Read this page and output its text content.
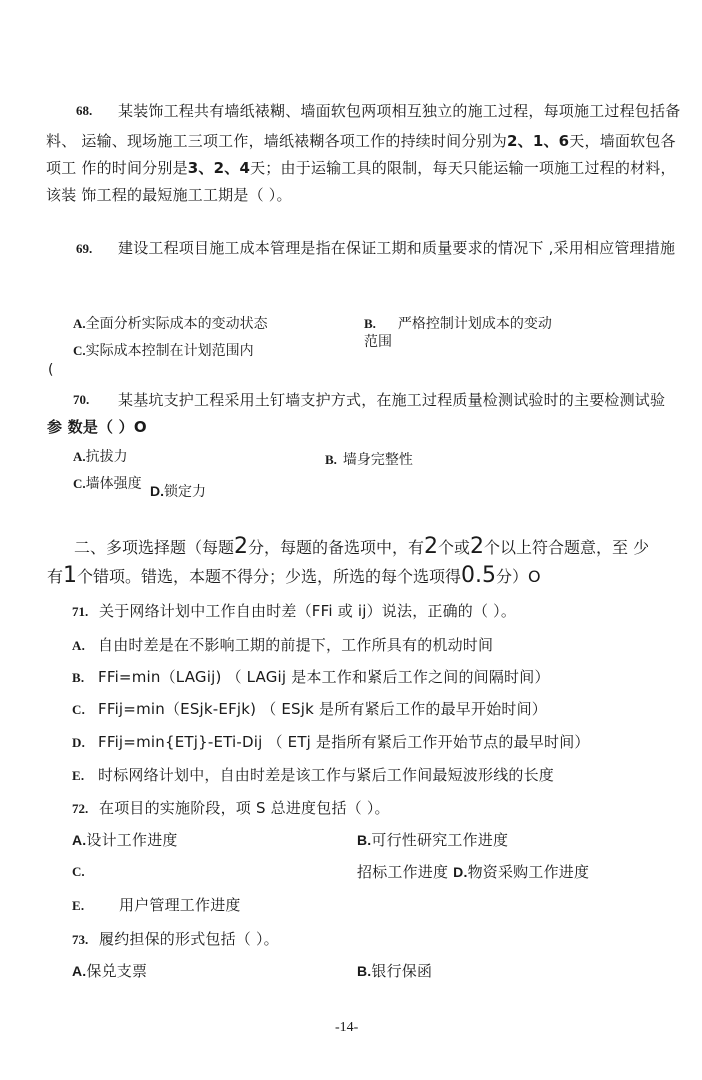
68. 某装饰工程共有墙纸裱糊、墙面软包两项相互独立的施工过程，每项施工过程包括备
料、 运输、现场施工三项工作，墙纸裱糊各项工作的持续时间分别为2、1、6天，墙面软包各
项工 作的时间分别是3、2、4天；由于运输工具的限制，每天只能运输一项施工过程的材料，
该装 饰工程的最短施工工期是（ ）。
69. 建设工程项目施工成本管理是指在保证工期和质量要求的情况下 ,采用相应管理措施
A.全面分析实际成本的变动状态	B. 严格控制计划成本的变动
范围
C.实际成本控制在计划范围内
(
70. 某基坑支护工程采用土钉墙支护方式，在施工过程质量检测试验时的主要检测试验
参 数是（ ）O
A.抗拔力	B. 墙身完整性
C.墙体强度 D.锁定力
二、多项选择题（每题2分，每题的备选项中，有2个或2个以上符合题意，至 少
有1个错项。错选，本题不得分；少选，所选的每个选项得0.5分）O
71. 关于网络计划中工作自由时差（FFi 或 ij）说法，正确的（ ）。
A. 自由时差是在不影响工期的前提下，工作所具有的机动时间
B. FFi=min（LAGij) （ LAGij 是本工作和紧后工作之间的间隔时间）
C. FFij=min（ESjk-EFjk) （ ESjk 是所有紧后工作的最早开始时间）
D. FFij=min{ETj}-ETi-Dij （ ETj 是指所有紧后工作开始节点的最早时间）
E. 时标网络计划中，自由时差是该工作与紧后工作间最短波形线的长度
72. 在项目的实施阶段，项 S 总进度包括（ ）。
A.设计工作进度	B.可行性研究工作进度
C.	招标工作进度 D.物资采购工作进度
E. 用户管理工作进度
73. 履约担保的形式包括（ ）。
A.保兑支票	B.银行保函
-14-
